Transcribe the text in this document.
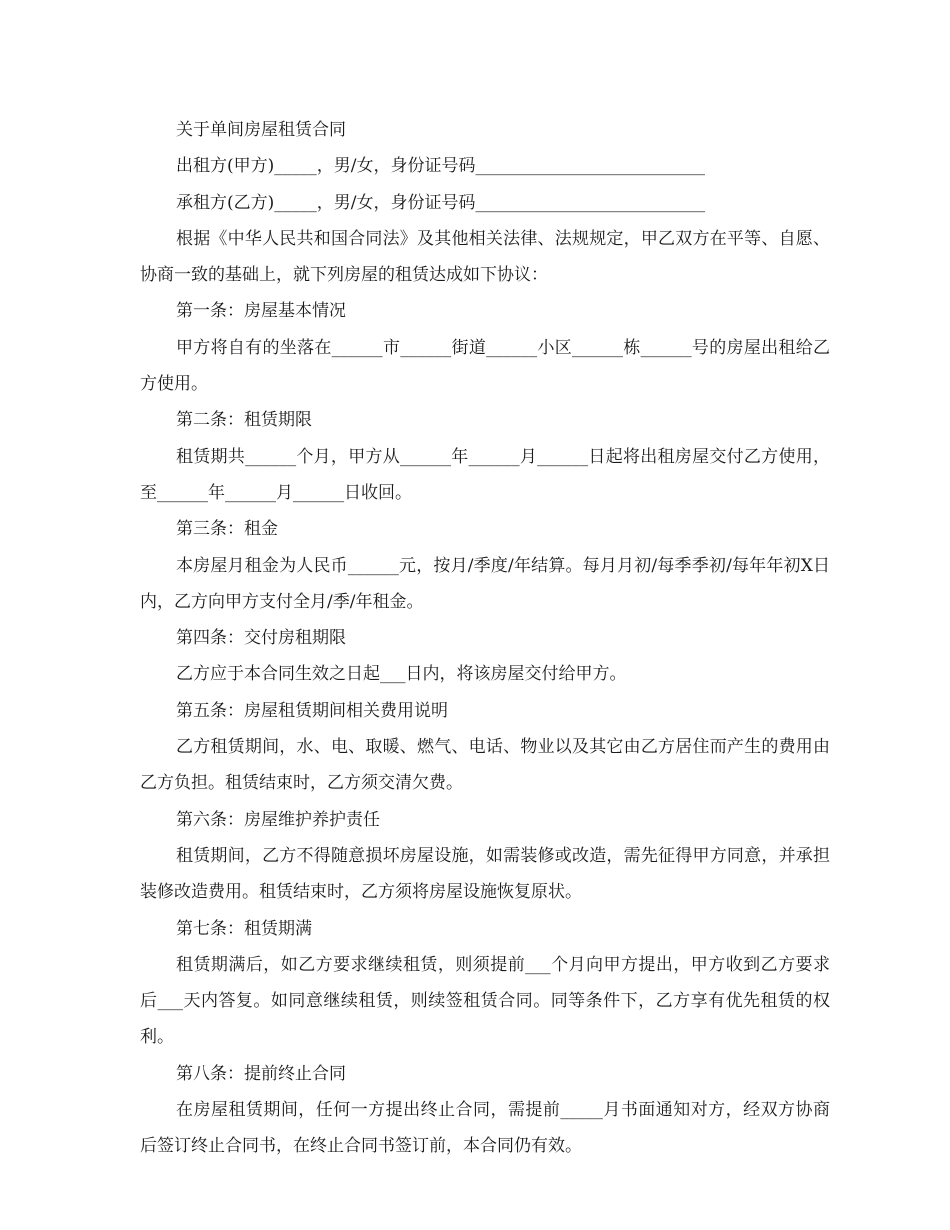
关于单间房屋租赁合同

出租方(甲方)_____，男/女，身份证号码___________________________

承租方(乙方)_____，男/女，身份证号码___________________________

根据《中华人民共和国合同法》及其他相关法律、法规规定，甲乙双方在平等、自愿、协商一致的基础上，就下列房屋的租赁达成如下协议：

第一条：房屋基本情况

甲方将自有的坐落在______市______街道______小区______栋______号的房屋出租给乙方使用。

第二条：租赁期限

租赁期共______个月，甲方从______年______月______日起将出租房屋交付乙方使用，至______年______月______日收回。

第三条：租金

本房屋月租金为人民币______元，按月/季度/年结算。每月月初/每季季初/每年年初X日内，乙方向甲方支付全月/季/年租金。

第四条：交付房租期限

乙方应于本合同生效之日起___日内，将该房屋交付给甲方。

第五条：房屋租赁期间相关费用说明

乙方租赁期间，水、电、取暖、燃气、电话、物业以及其它由乙方居住而产生的费用由乙方负担。租赁结束时，乙方须交清欠费。

第六条：房屋维护养护责任

租赁期间，乙方不得随意损坏房屋设施，如需装修或改造，需先征得甲方同意，并承担装修改造费用。租赁结束时，乙方须将房屋设施恢复原状。

第七条：租赁期满

租赁期满后，如乙方要求继续租赁，则须提前___个月向甲方提出，甲方收到乙方要求后___天内答复。如同意继续租赁，则续签租赁合同。同等条件下，乙方享有优先租赁的权利。

第八条：提前终止合同

在房屋租赁期间，任何一方提出终止合同，需提前_____月书面通知对方，经双方协商后签订终止合同书，在终止合同书签订前，本合同仍有效。
